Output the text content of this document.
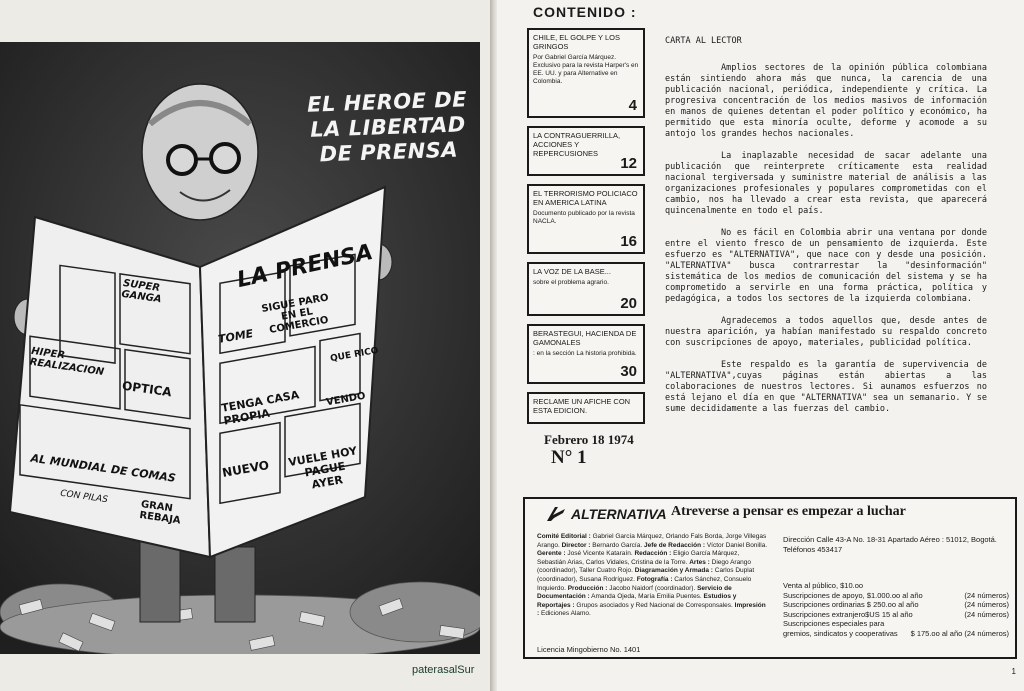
EL HEROE DE
LA LIBERTAD
DE PRENSA
LA PRENSA
SUPER GANGA
TOME
SIGUE PARO EN EL COMERCIO
HIPER REALIZACION
OPTICA	TENGA CASA PROPIA
VENDO
QUE RICO
AL MUNDIAL DE COMAS
CON PILAS
NUEVO
GRAN REBAJA
VUELE HOY PAGUE AYER
paterasalSur
CONTENIDO :
CHILE, EL GOLPE Y LOS GRINGOS
Por Gabriel García Márquez. Exclusivo para la revista Harper's en EE. UU. y para Alternative en Colombia.
4
LA CONTRAGUERRILLA, ACCIONES Y REPERCUSIONES
12
EL TERRORISMO POLICIACO EN AMERICA LATINA
Documento publicado por la revista NACLA.
16
LA VOZ DE LA BASE...
sobre el problema agrario.
20
BERASTEGUI, HACIENDA DE GAMONALES
: en la sección La historia prohibida.
30
RECLAME UN AFICHE CON ESTA EDICION.
Febrero 18 1974
N° 1
CARTA AL LECTOR

Amplios sectores de la opinión pública colombiana están sintiendo ahora más que nunca, la carencia de una publicación nacional, periódica, independiente y crítica. La progresiva concentración de los medios masivos de información en manos de quienes detentan el poder político y económico, ha permitido que esta minoría oculte, deforme y acomode a su antojo los grandes hechos nacionales.

La inaplazable necesidad de sacar adelante una publicación que reinterprete críticamente esta realidad nacional tergiversada y suministre material de análisis a las organizaciones profesionales y populares comprometidas con el cambio, nos ha llevado a crear esta revista, que aparecerá quincenalmente en todo el país.

No es fácil en Colombia abrir una ventana por donde entre el viento fresco de un pensamiento de izquierda. Este esfuerzo es "ALTERNATIVA", que nace con y desde una posición. "ALTERNATIVA" busca contrarrestar la "desinformación" sistemática de los medios de comunicación del sistema y se ha comprometido a servirle en una forma práctica, política y pedagógica, a todos los sectores de la izquierda colombiana.

Agradecemos a todos aquellos que, desde antes de nuestra aparición, ya habían manifestado su respaldo concreto con suscripciones de apoyo, materiales, publicidad política.

Este respaldo es la garantía de supervivencia de "ALTERNATIVA",cuyas páginas están abiertas a las colaboraciones de nuestros lectores. Si aunamos esfuerzos no está lejano el día en que "ALTERNATIVA" sea un semanario. Y se sume decididamente a las fuerzas del cambio.

ALTERNATIVA Atreverse a pensar es empezar a luchar
Comité Editorial : Gabriel García Márquez, Orlando Fals Borda, Jorge Villegas Arango. Director : Bernardo García. Jefe de Redacción : Víctor Daniel Bonilla. Gerente : José Vicente Kataraín. Redacción : Eligio García Márquez, Sebastián Arias, Carlos Vidales, Cristina de la Torre. Artes : Diego Arango (coordinador), Taller Cuatro Rojo. Diagramación y Armada : Carlos Duplat (coordinador), Susana Rodríguez. Fotografía : Carlos Sánchez, Consuelo Inquierdo. Producción : Jacobo Naidorf (coordinador). Servicio de Documentación : Amanda Ojeda, María Emilia Puentes. Estudios y Reportajes : Grupos asociados y Red Nacional de Corresponsales. Impresión : Ediciones Alamo.
Licencia Mingobierno No. 1401
Dirección Calle 43-A No. 18-31 Apartado Aéreo : 51012, Bogotá. Teléfonos 453417
Venta al público, $10.oo
Suscripciones de apoyo, $1.000.oo al año	(24 números)
Suscripciones ordinarias $ 250.oo al año	(24 números)
Suscripciones extranjero$US 15 al año	(24 números)
Suscripciones especiales para gremios, sindicatos y cooperativas	$ 175.oo al año (24 números)
1
